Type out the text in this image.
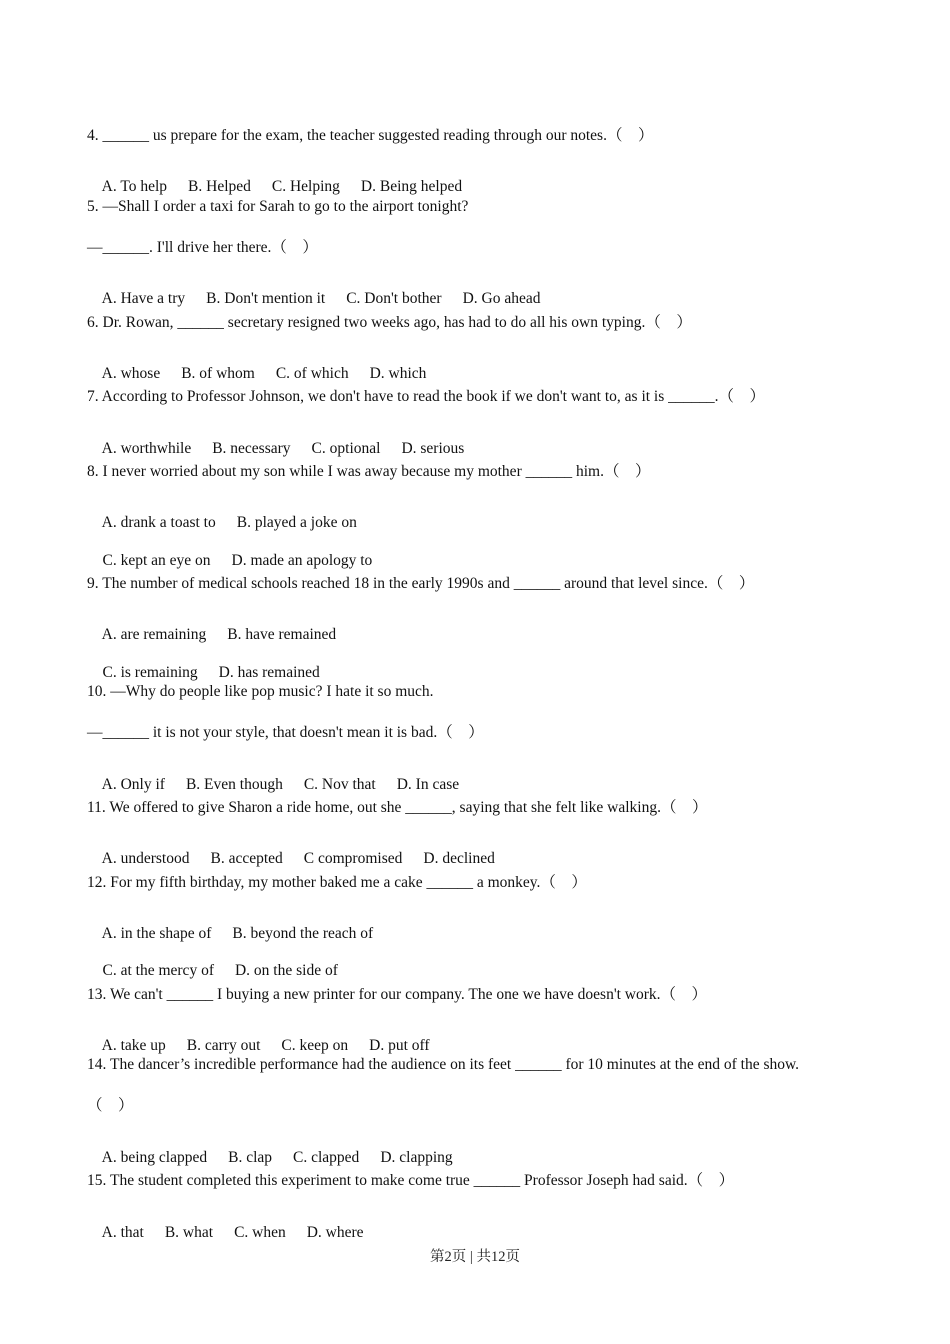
4. ______ us prepare for the exam, the teacher suggested reading through our notes.（　）

A. To help B. Helped C. Helping D. Being helped

5. —Shall I order a taxi for Sarah to go to the airport tonight?
—______. I'll drive her there.（　）

A. Have a try B. Don't mention it C. Don't bother D. Go ahead

6. Dr. Rowan, ______ secretary resigned two weeks ago, has had to do all his own typing.（　）

A. whose B. of whom C. of which D. which

7. According to Professor Johnson, we don't have to read the book if we don't want to, as it is ______.（　）

A. worthwhile B. necessary C. optional D. serious

8. I never worried about my son while I was away because my mother ______ him.（　）

A. drank a toast to B. played a joke on

C. kept an eye on D. made an apology to

9. The number of medical schools reached 18 in the early 1990s and ______ around that level since.（　）

A. are remaining B. have remained

C. is remaining D. has remained

10. —Why do people like pop music? I hate it so much.
—______ it is not your style, that doesn't mean it is bad.（　）

A. Only if B. Even though C. Nov that D. In case

11. We offered to give Sharon a ride home, out she ______, saying that she felt like walking.（　）

A. understood B. accepted C compromised D. declined

12. For my fifth birthday, my mother baked me a cake ______ a monkey.（　）

A. in the shape of B. beyond the reach of

C. at the mercy of D. on the side of

13. We can't ______ I buying a new printer for our company. The one we have doesn't work.（　）

A. take up B. carry out C. keep on D. put off

14. The dancer’s incredible performance had the audience on its feet ______ for 10 minutes at the end of the show.
（　）

A. being clapped B. clap C. clapped D. clapping

15. The student completed this experiment to make come true ______ Professor Joseph had said.（　）

A. that B. what C. when D. where

第2页 | 共12页
